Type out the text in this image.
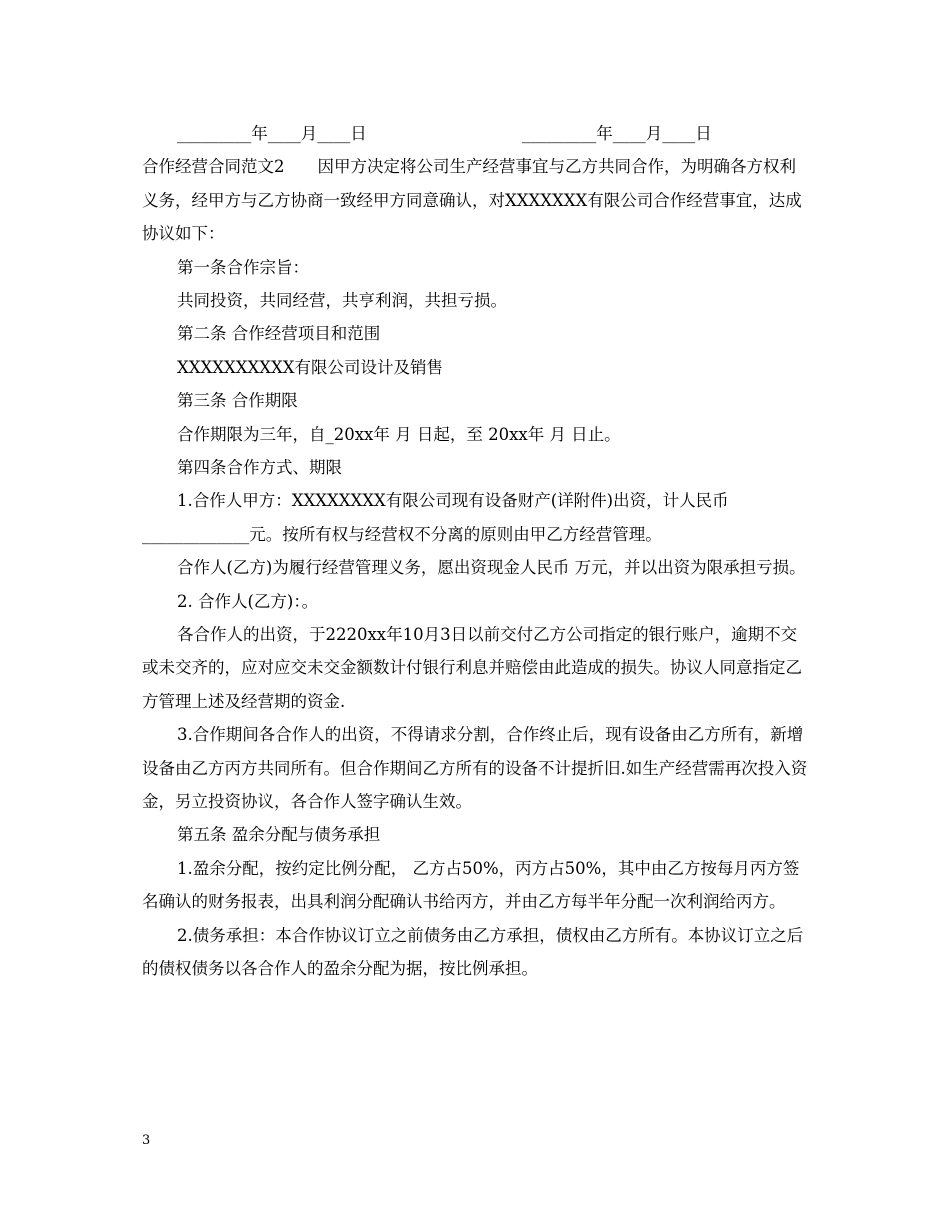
_________年____月____日	_________年____月____日
合作经营合同范文2　　因甲方决定将公司生产经营事宜与乙方共同合作，为明确各方权利义务，经甲方与乙方协商一致经甲方同意确认，对XXXXXXX有限公司合作经营事宜，达成协议如下：
第一条合作宗旨：
共同投资，共同经营，共亨利润，共担亏损。
第二条 合作经营项目和范围
XXXXXXXXXX有限公司设计及销售
第三条 合作期限
合作期限为三年，自_20xx年 月 日起，至 20xx年 月 日止。
第四条合作方式、期限
1.合作人甲方：XXXXXXXX有限公司现有设备财产(详附件)出资，计人民币_____________元。按所有权与经营权不分离的原则由甲乙方经营管理。
合作人(乙方)为履行经营管理义务，愿出资现金人民币 万元，并以出资为限承担亏损。
2. 合作人(乙方)：。
各合作人的出资，于2220xx年10月3日以前交付乙方公司指定的银行账户，逾期不交或未交齐的，应对应交未交金额数计付银行利息并赔偿由此造成的损失。协议人同意指定乙方管理上述及经营期的资金.
3.合作期间各合作人的出资，不得请求分割，合作终止后，现有设备由乙方所有，新增设备由乙方丙方共同所有。但合作期间乙方所有的设备不计提折旧.如生产经营需再次投入资金，另立投资协议，各合作人签字确认生效。
第五条 盈余分配与债务承担
1.盈余分配，按约定比例分配， 乙方占50%，丙方占50%，其中由乙方按每月丙方签名确认的财务报表，出具利润分配确认书给丙方，并由乙方每半年分配一次利润给丙方。
2.债务承担：本合作协议订立之前债务由乙方承担，债权由乙方所有。本协议订立之后的债权债务以各合作人的盈余分配为据，按比例承担。
3
